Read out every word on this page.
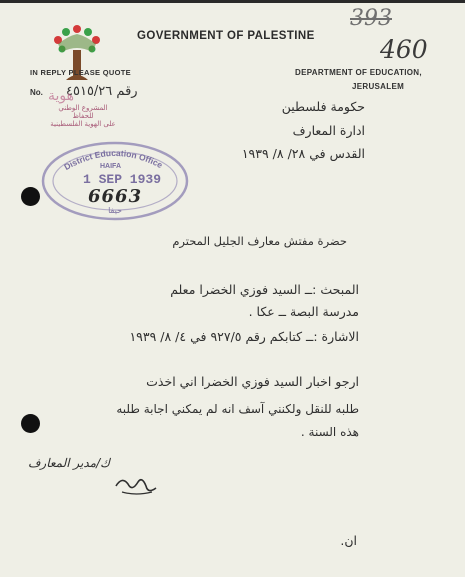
GOVERNMENT OF PALESTINE
393
460
IN REPLY PLEASE QUOTE
No. رقم ٤٥١٥/٢٦
DEPARTMENT OF EDUCATION,
JERUSALEM
هوية
المشروع الوطني للحفاظ
على الهوية الفلسطينية
حكومة فلسطين
ادارة المعارف
القدس في ٢٨/ ٨/ ١٩٣٩
District Education Office
حيفا
HAIFA
1 SEP 1939
6663
حضرة مفتش معارف الجليل المحترم
المبحث :ــ السيد فوزي الخضرا معلم
مدرسة البصة ــ عكا .
الاشارة :ــ كتابكم رقم ٩٢٧/٥ في ٤/ ٨/ ١٩٣٩
ارجو اخبار السيد فوزي الخضرا اني اخذت
طلبه للنقل ولكنني آسف انه لم يمكني اجابة طلبه
هذه السنة .
ك/مدير المعارف
ان.
